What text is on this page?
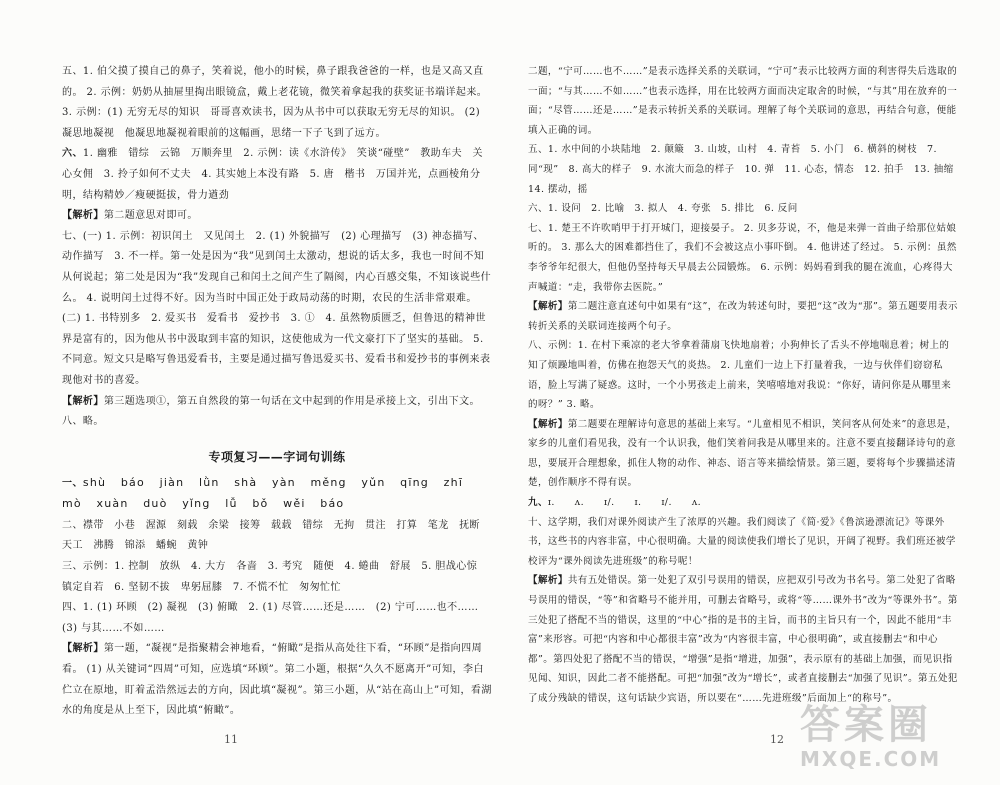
五、1. 伯父摸了摸自己的鼻子，笑着说，他小的时候，鼻子跟我爸爸的一样，也是又高又直的。 2. 示例：奶奶从抽屉里掏出眼镜盒，戴上老花镜，微笑着拿起我的获奖证书端详起来。 3. 示例：(1) 无穷无尽的知识　哥哥喜欢读书，因为从书中可以获取无穷无尽的知识。 (2) 凝思地凝视　他凝思地凝视着眼前的这幅画，思绪一下子飞到了远方。

六、1. 幽雅　错综　云锦　万顺奔里　2. 示例：读《水浒传》　笑谈“碰壁”　教助车夫　关心女佣　3. 拎子如何不丈夫　4. 其实她上本没有路　5. 唐　楷书　万国并光，点画棱角分明，结构精妙／瘦硬挺拔，骨力遒劲

【解析】第二题意思对即可。

七、(一) 1. 示例：初识闰土　又见闰土　2. (1) 外貌描写　(2) 心理描写　(3) 神态描写、动作描写　3. 不一样。第一处是因为“我”见到闰土太激动，想说的话太多，我也一时间不知从何说起；第二处是因为“我”发现自己和闰土之间产生了隔阂，内心百感交集，不知该说些什么。 4. 说明闰土过得不好。因为当时中国正处于政局动荡的时期，农民的生活非常艰难。

(二) 1. 书特别多　2. 爱买书　爱看书　爱抄书　3. ①　4. 虽然物质匮乏，但鲁迅的精神世界是富有的，因为他从书中汲取到丰富的知识，这使他成为一代文豪打下了坚实的基础。 5. 不同意。短文只是略写鲁迅爱看书，主要是通过描写鲁迅爱买书、爱看书和爱抄书的事例来表现他对书的喜爱。

【解析】第三题选项①，第五自然段的第一句话在文中起到的作用是承接上文，引出下文。

八、略。

专项复习——字词句训练

一、shù báo jiàn lǜn shà yàn měng yǔn qīng zhī mò xuàn duò yǐng lǚ bǒ wěi báo

二、襟带　小巷　渥源　刻载　余梁　接筹　载载　错综　无拘　贯注　打算　笔龙　抚断　天工　沸腾　锦添　蟠蜿　黄钟

三、示例：1. 控制　放纵　4. 大方　各啬　3. 考究　随便　4. 蜷曲　舒展　5. 胆战心惊　镇定自若　6. 坚韧不拔　卑躬屈膝　7. 不慌不忙　匆匆忙忙

四、1. (1) 环顾　(2) 凝视　(3) 俯瞰　2. (1) 尽管……还是……　(2) 宁可……也不……　(3) 与其……不如……

【解析】第一题，“凝视”是指聚精会神地看，“俯瞰”是指从高处往下看，“环顾”是指向四周看。 (1) 从关键词“四周”可知，应选填“环顾”。第二小题，根据“久久不愿离开”可知，李白伫立在原地，盯着孟浩然远去的方向，因此填“凝视”。第三小题，从“站在高山上”可知，看湖水的角度是从上至下，因此填“俯瞰”。

二题，“宁可……也不……”是表示选择关系的关联词，“宁可”表示比较两方面的利害得失后选取的一面；“与其……不如……”也表示选择，用在比较两方面而决定取舍的时候，“与其”用在放弃的一面；“尽管……还是……”是表示转折关系的关联词。理解了每个关联词的意思，再结合句意，便能填入正确的词。

五、1. 水中间的小块陆地　2. 颠簸　3. 山坡，山村　4. 青苔　5. 小门　6. 横斜的树枝　7. 同“现”　8. 高大的样子　9. 水流大而急的样子　10. 弹　11. 心态，情态　12. 拍手　13. 抽缩　14. 摆动，摇

六、1. 设问　2. 比喻　3. 拟人　4. 夸张　5. 排比　6. 反问

七、1. 楚王不许吹哨甲于打开城门，迎接晏子。 2. 贝多芬说，不，他是来弹一首曲子给那位姑娘听的。 3. 那么大的困难都挡住了，我们不会被这点小事吓倒。 4. 他讲述了经过。 5. 示例：虽然李爷爷年纪很大，但他仍坚持每天早晨去公园锻炼。 6. 示例：妈妈看到我的腿在流血，心疼得大声喊道：“走，我带你去医院。”

【解析】第二题注意直述句中如果有“这”，在改为转述句时，要把“这”改为“那”。第五题要用表示转折关系的关联词连接两个句子。

八、示例：1. 在村下乘凉的老大爷拿着蒲扇飞快地扇着；小狗伸长了舌头不停地喘息着；树上的知了烦躁地叫着，仿佛在抱怨天气的炎热。 2. 儿童们一边上下打量着我，一边与伙伴们窃窃私语，脸上写满了疑惑。这时，一个小男孩走上前来，笑嘻嘻地对我说：“你好，请问你是从哪里来的呀？” 3. 略。

【解析】第二题要在理解诗句意思的基础上来写。“儿童相见不相识，笑问客从何处来”的意思是，家乡的儿童们看见我，没有一个认识我，他们笑着问我是从哪里来的。注意不要直接翻译诗句的意思，要展开合理想象，抓住人物的动作、神态、语言等来描绘情景。第三题，要将每个步骤描述清楚，创作顺序不得有误。

九、ɪ.　　ʌ.　　ɪ/.　　ɪ.　　ɪ/.　　ʌ.

十、这学期，我们对课外阅读产生了浓厚的兴趣。我们阅读了《简·爱》《鲁滨逊漂流记》等课外书，这些书的内容非富，中心很明确。大量的阅读使我们增长了见识，开阔了视野。我们班还被学校评为“课外阅读先进班级”的称号呢！

【解析】共有五处错误。第一处犯了双引号误用的错误，应把双引号改为书名号。第二处犯了省略号误用的错误，“等”和省略号不能并用，可删去省略号，或将“等……课外书”改为“等课外书”。第三处犯了搭配不当的错误，这里的“中心”指的是书的主旨，而书的主旨只有一个，因此不能用“丰富”来形容。可把“内容和中心都很丰富”改为“内容很丰富，中心很明确”，或直接删去“和中心都”。第四处犯了搭配不当的错误，“增强”是指“增进，加强”，表示原有的基础上加强，而见识指见闻、知识，因此二者不能搭配。可把“加强”改为“增长”，或者直接删去“加强了见识”。第五处犯了成分残缺的错误，这句话缺少宾语，所以要在“……先进班级”后面加上“的称号”。

11	12 答案圈
MXQE.COM
